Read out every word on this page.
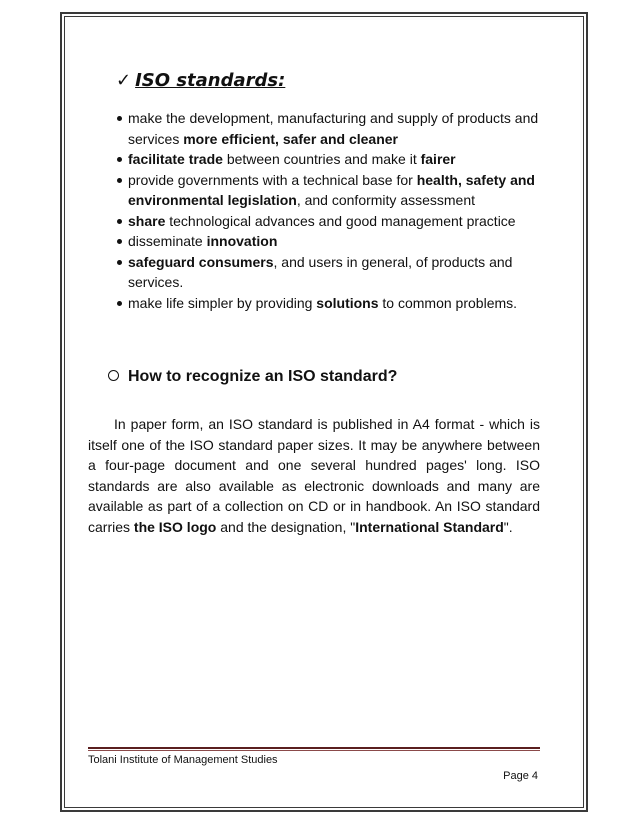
✓ ISO standards:
make the development, manufacturing and supply of products and services more efficient, safer and cleaner
facilitate trade between countries and make it fairer
provide governments with a technical base for health, safety and environmental legislation, and conformity assessment
share technological advances and good management practice
disseminate innovation
safeguard consumers, and users in general, of products and services.
make life simpler by providing solutions to common problems.
How to recognize an ISO standard?

In paper form, an ISO standard is published in A4 format - which is itself one of the ISO standard paper sizes. It may be anywhere between a four-page document and one several hundred pages' long. ISO standards are also available as electronic downloads and many are available as part of a collection on CD or in handbook. An ISO standard carries the ISO logo and the designation, "International Standard".

Tolani Institute of Management Studies
Page 4
